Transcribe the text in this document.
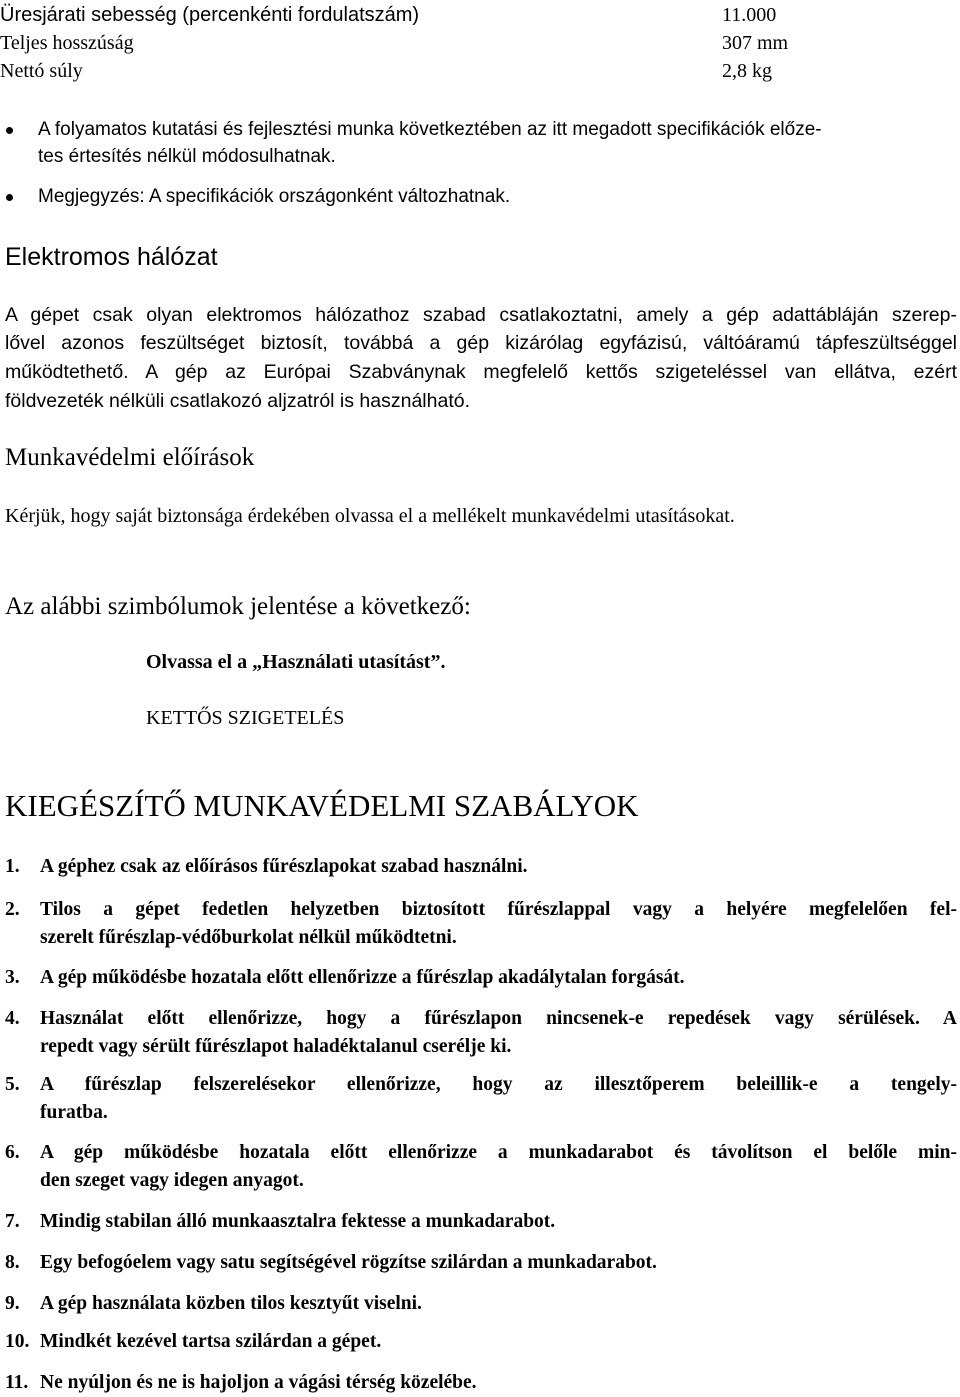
Üresjárati sebesség (percenkénti fordulatszám)	11.000
Teljes hosszúság	307 mm
Nettó súly	2,8 kg
A folyamatos kutatási és fejlesztési munka következtében az itt megadott specifikációk előze-
tes értesítés nélkül módosulhatnak.
Megjegyzés: A specifikációk országonként változhatnak.
Elektromos hálózat
A gépet csak olyan elektromos hálózathoz szabad csatlakoztatni, amely a gép adattábláján szerep-
lővel azonos feszültséget biztosít, továbbá a gép kizárólag egyfázisú, váltóáramú tápfeszültséggel
működtethető. A gép az Európai Szabványnak megfelelő kettős szigeteléssel van ellátva, ezért
földvezeték nélküli csatlakozó aljzatról is használható.
Munkavédelmi előírások
Kérjük, hogy saját biztonsága érdekében olvassa el a mellékelt munkavédelmi utasításokat.
Az alábbi szimbólumok jelentése a következő:
Olvassa el a „Használati utasítást”.
KETTŐS SZIGETELÉS
KIEGÉSZÍTŐ MUNKAVÉDELMI SZABÁLYOK
1. A géphez csak az előírásos fűrészlapokat szabad használni.
2. Tilos a gépet fedetlen helyzetben biztosított fűrészlappal vagy a helyére megfelelően fel-
szerelt fűrészlap-védőburkolat nélkül működtetni.
3. A gép működésbe hozatala előtt ellenőrizze a fűrészlap akadálytalan forgását.
4. Használat előtt ellenőrizze, hogy a fűrészlapon nincsenek-e repedések vagy sérülések. A
repedt vagy sérült fűrészlapot haladéktalanul cserélje ki.
5. A fűrészlap felszerelésekor ellenőrizze, hogy az illesztőperem beleillik-e a tengely-
furatba.
6. A gép működésbe hozatala előtt ellenőrizze a munkadarabot és távolítson el belőle min-
den szeget vagy idegen anyagot.
7. Mindig stabilan álló munkaasztalra fektesse a munkadarabot.
8. Egy befogóelem vagy satu segítségével rögzítse szilárdan a munkadarabot.
9. A gép használata közben tilos kesztyűt viselni.
10. Mindkét kezével tartsa szilárdan a gépet.
11. Ne nyúljon és ne is hajoljon a vágási térség közelébe.
